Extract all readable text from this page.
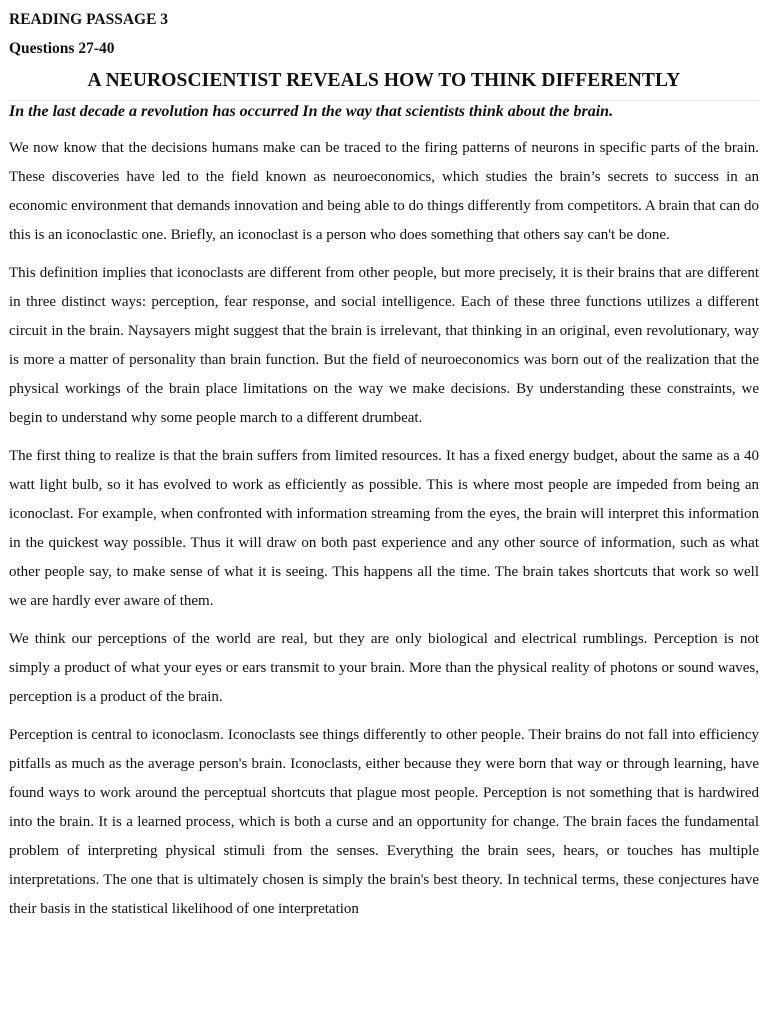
READING PASSAGE 3

Questions 27-40

A NEUROSCIENTIST REVEALS HOW TO THINK DIFFERENTLY

In the last decade a revolution has occurred In the way that scientists think about the brain.

We now know that the decisions humans make can be traced to the firing patterns of neurons in specific parts of the brain. These discoveries have led to the field known as neuroeconomics, which studies the brain’s secrets to success in an economic environment that demands innovation and being able to do things differently from competitors. A brain that can do this is an iconoclastic one. Briefly, an iconoclast is a person who does something that others say can't be done.

This definition implies that iconoclasts are different from other people, but more precisely, it is their brains that are different in three distinct ways: perception, fear response, and social intelligence. Each of these three functions utilizes a different circuit in the brain. Naysayers might suggest that the brain is irrelevant, that thinking in an original, even revolutionary, way is more a matter of personality than brain function. But the field of neuroeconomics was born out of the realization that the physical workings of the brain place limitations on the way we make decisions. By understanding these constraints, we begin to understand why some people march to a different drumbeat.

The first thing to realize is that the brain suffers from limited resources. It has a fixed energy budget, about the same as a 40 watt light bulb, so it has evolved to work as efficiently as possible. This is where most people are impeded from being an iconoclast. For example, when confronted with information streaming from the eyes, the brain will interpret this information in the quickest way possible. Thus it will draw on both past experience and any other source of information, such as what other people say, to make sense of what it is seeing. This happens all the time. The brain takes shortcuts that work so well we are hardly ever aware of them.

We think our perceptions of the world are real, but they are only biological and electrical rumblings. Perception is not simply a product of what your eyes or ears transmit to your brain. More than the physical reality of photons or sound waves, perception is a product of the brain.

Perception is central to iconoclasm. Iconoclasts see things differently to other people. Their brains do not fall into efficiency pitfalls as much as the average person's brain. Iconoclasts, either because they were born that way or through learning, have found ways to work around the perceptual shortcuts that plague most people. Perception is not something that is hardwired into the brain. It is a learned process, which is both a curse and an opportunity for change. The brain faces the fundamental problem of interpreting physical stimuli from the senses. Everything the brain sees, hears, or touches has multiple interpretations. The one that is ultimately chosen is simply the brain's best theory. In technical terms, these conjectures have their basis in the statistical likelihood of one interpretation
